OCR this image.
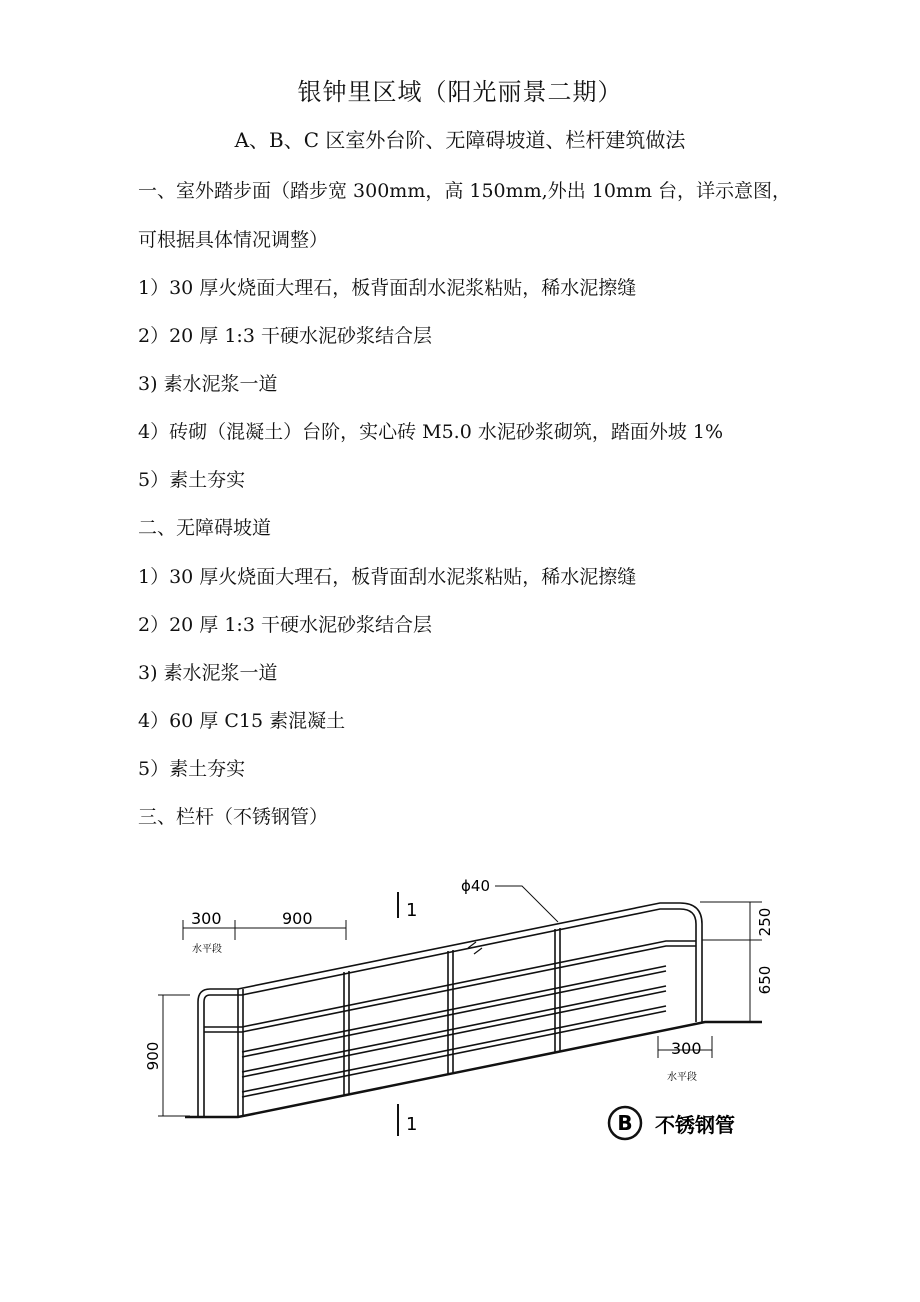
银钟里区域（阳光丽景二期）
A、B、C 区室外台阶、无障碍坡道、栏杆建筑做法
一、室外踏步面（踏步宽 300mm，高 150mm,外出 10mm 台，详示意图，
可根据具体情况调整）
1）30 厚火烧面大理石，板背面刮水泥浆粘贴，稀水泥擦缝
2）20 厚 1:3 干硬水泥砂浆结合层
3) 素水泥浆一道
4）砖砌（混凝土）台阶，实心砖 M5.0 水泥砂浆砌筑，踏面外坡 1%
5）素土夯实
二、无障碍坡道
1）30 厚火烧面大理石，板背面刮水泥浆粘贴，稀水泥擦缝
2）20 厚 1:3 干硬水泥砂浆结合层
3) 素水泥浆一道
4）60 厚 C15 素混凝土
5）素土夯实
三、栏杆（不锈钢管）
300	900
水平段
1
1
ϕ40
250
650
900	300
水平段
B 不锈钢管
